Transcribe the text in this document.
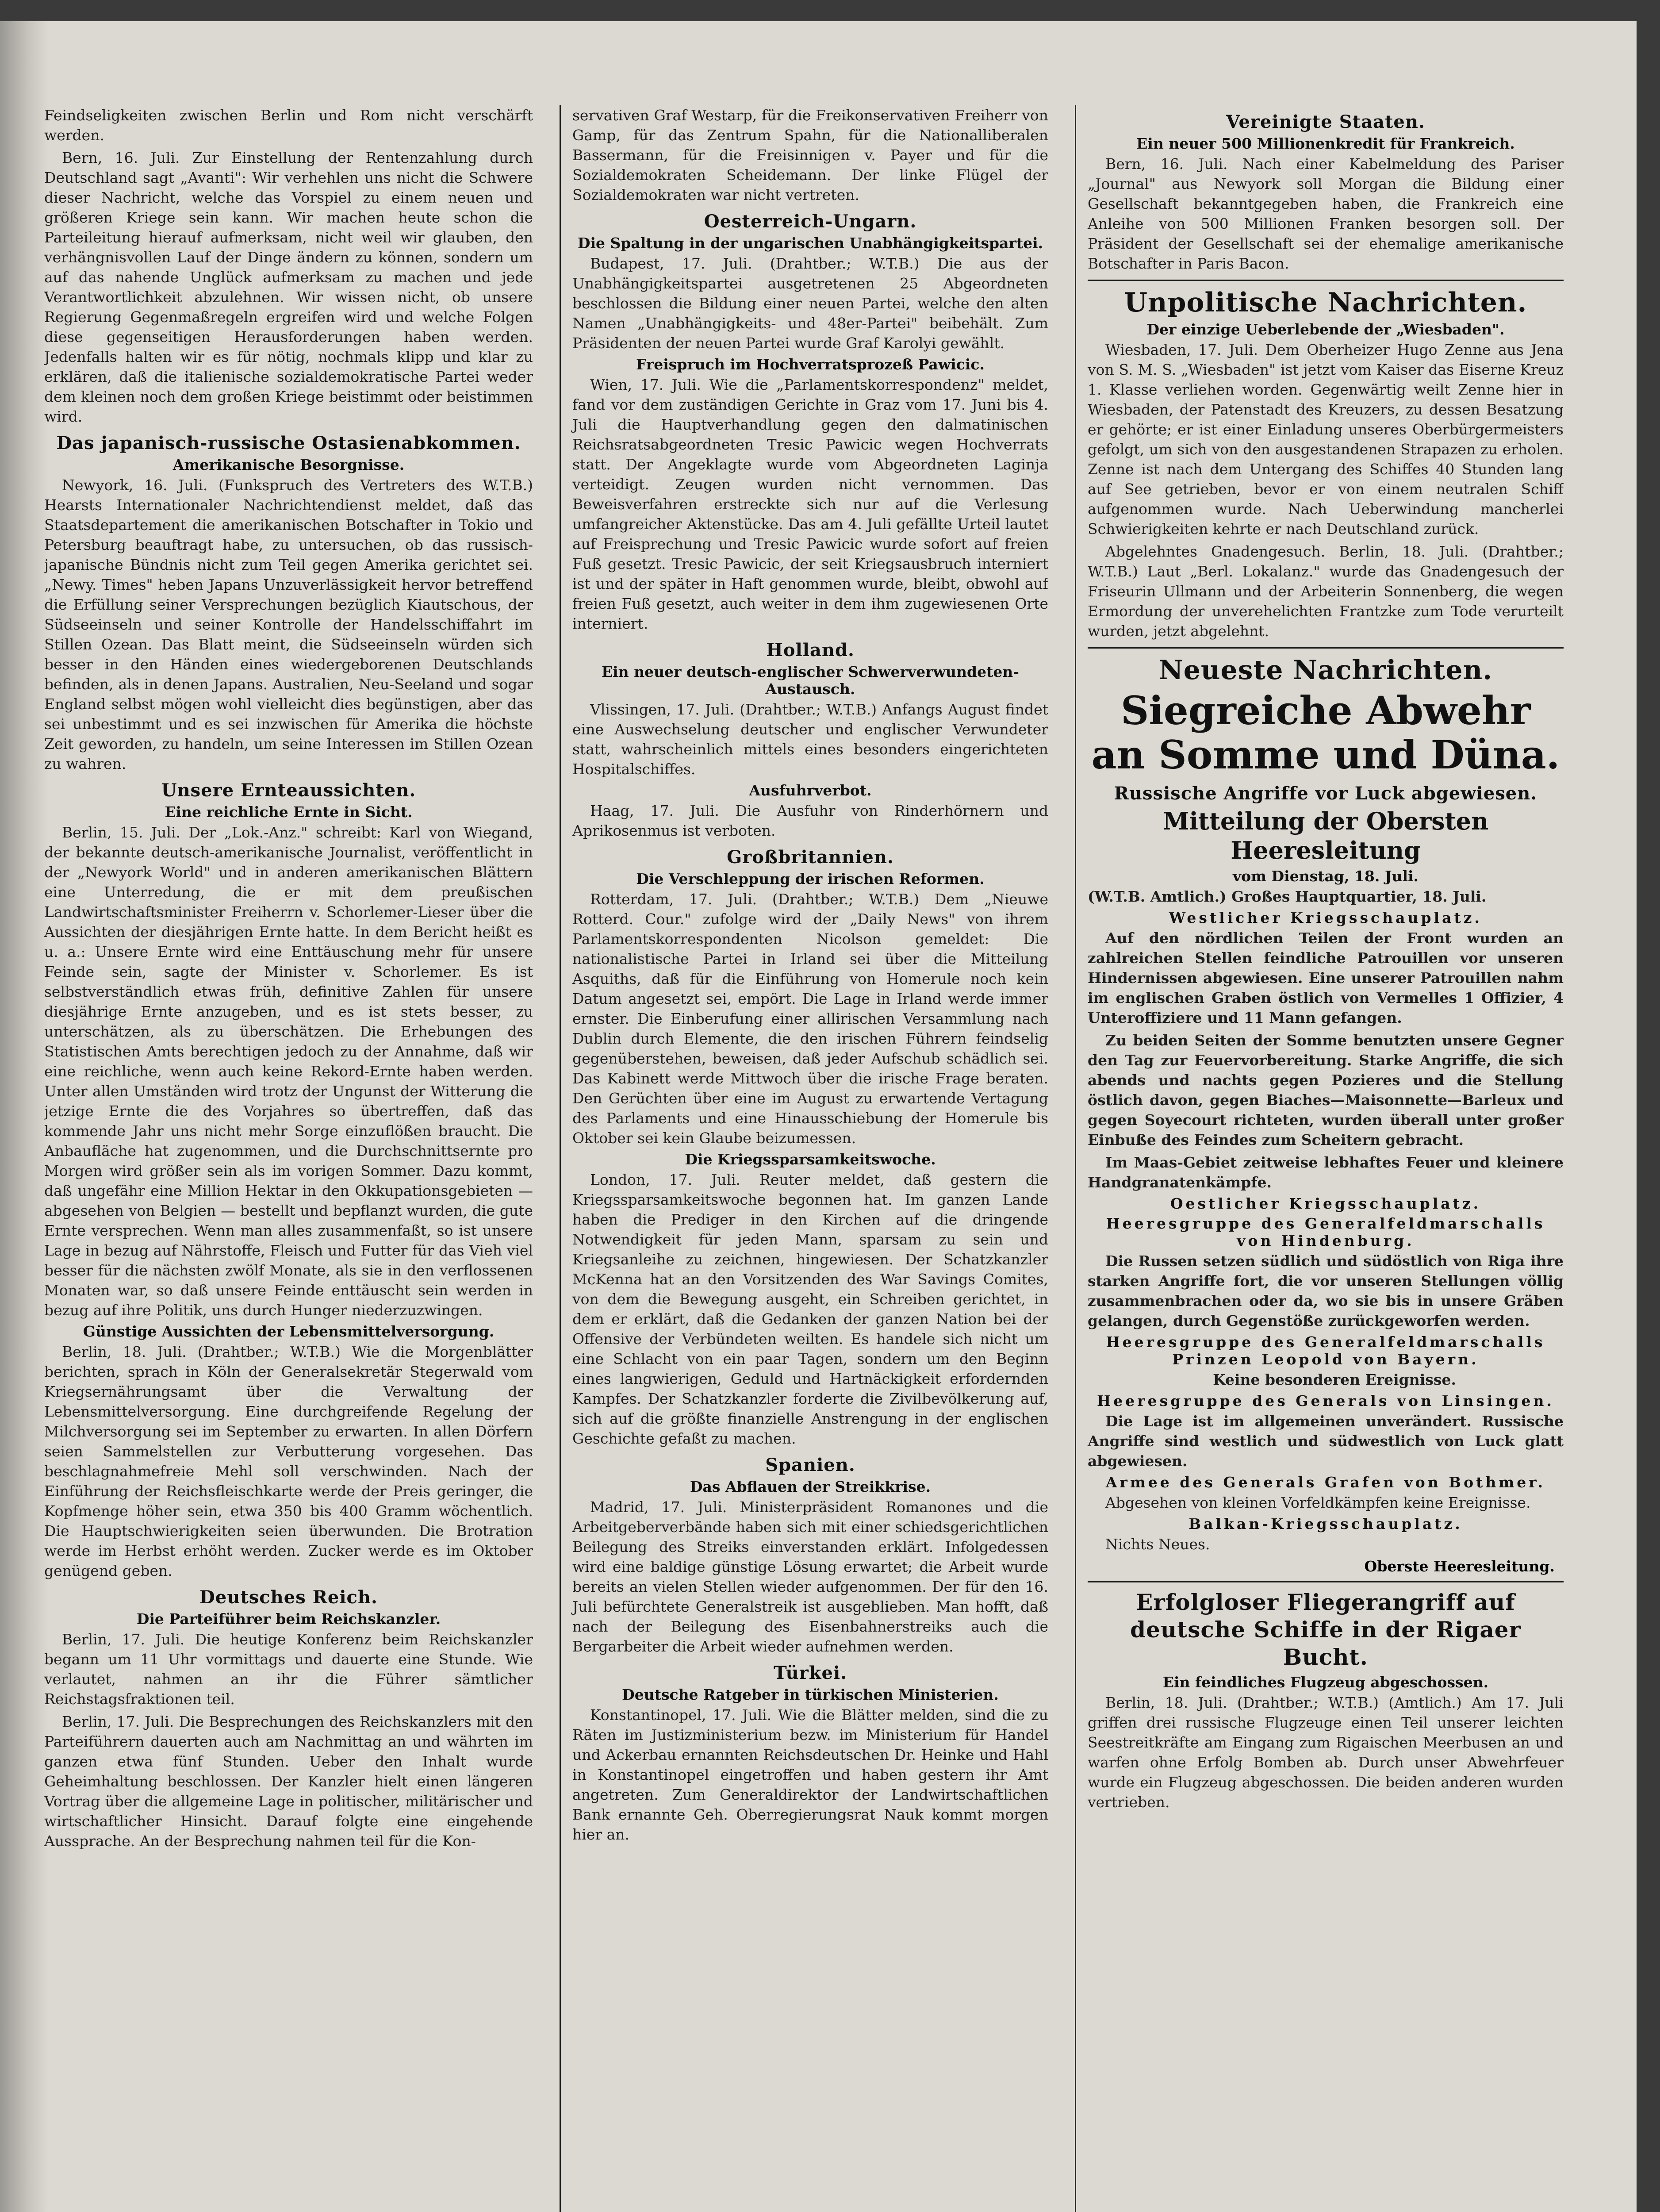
Feindseligkeiten zwischen Berlin und Rom nicht verschärft werden.

Bern, 16. Juli. Zur Einstellung der Rentenzahlung durch Deutschland sagt „Avanti": Wir verhehlen uns nicht die Schwere dieser Nachricht, welche das Vorspiel zu einem neuen und größeren Kriege sein kann. Wir machen heute schon die Parteileitung hierauf aufmerksam, nicht weil wir glauben, den verhängnisvollen Lauf der Dinge ändern zu können, sondern um auf das nahende Unglück aufmerksam zu machen und jede Verantwortlichkeit abzulehnen. Wir wissen nicht, ob unsere Regierung Gegenmaßregeln ergreifen wird und welche Folgen diese gegenseitigen Herausforderungen haben werden. Jedenfalls halten wir es für nötig, nochmals klipp und klar zu erklären, daß die italienische sozialdemokratische Partei weder dem kleinen noch dem großen Kriege beistimmt oder beistimmen wird.

Das japanisch-russische Ostasienabkommen.
Amerikanische Besorgnisse.

Newyork, 16. Juli. (Funkspruch des Vertreters des W.T.B.) Hearsts Internationaler Nachrichtendienst meldet, daß das Staatsdepartement die amerikanischen Botschafter in Tokio und Petersburg beauftragt habe, zu untersuchen, ob das russisch-japanische Bündnis nicht zum Teil gegen Amerika gerichtet sei. „Newy. Times" heben Japans Unzuverlässigkeit hervor betreffend die Erfüllung seiner Versprechungen bezüglich Kiautschous, der Südseeinseln und seiner Kontrolle der Handelsschiffahrt im Stillen Ozean. Das Blatt meint, die Südseeinseln würden sich besser in den Händen eines wiedergeborenen Deutschlands befinden, als in denen Japans. Australien, Neu-Seeland und sogar England selbst mögen wohl vielleicht dies begünstigen, aber das sei unbestimmt und es sei inzwischen für Amerika die höchste Zeit geworden, zu handeln, um seine Interessen im Stillen Ozean zu wahren.

Unsere Ernteaussichten.
Eine reichliche Ernte in Sicht.

Berlin, 15. Juli. Der „Lok.-Anz." schreibt: Karl von Wiegand, der bekannte deutsch-amerikanische Journalist, veröffentlicht in der „Newyork World" und in anderen amerikanischen Blättern eine Unterredung, die er mit dem preußischen Landwirtschaftsminister Freiherrn v. Schorlemer-Lieser über die Aussichten der diesjährigen Ernte hatte. In dem Bericht heißt es u. a.: Unsere Ernte wird eine Enttäuschung mehr für unsere Feinde sein, sagte der Minister v. Schorlemer. Es ist selbstverständlich etwas früh, definitive Zahlen für unsere diesjährige Ernte anzugeben, und es ist stets besser, zu unterschätzen, als zu überschätzen. Die Erhebungen des Statistischen Amts berechtigen jedoch zu der Annahme, daß wir eine reichliche, wenn auch keine Rekord-Ernte haben werden. Unter allen Umständen wird trotz der Ungunst der Witterung die jetzige Ernte die des Vorjahres so übertreffen, daß das kommende Jahr uns nicht mehr Sorge einzuflößen braucht. Die Anbaufläche hat zugenommen, und die Durchschnittsernte pro Morgen wird größer sein als im vorigen Sommer. Dazu kommt, daß ungefähr eine Million Hektar in den Okkupationsgebieten — abgesehen von Belgien — bestellt und bepflanzt wurden, die gute Ernte versprechen. Wenn man alles zusammenfaßt, so ist unsere Lage in bezug auf Nährstoffe, Fleisch und Futter für das Vieh viel besser für die nächsten zwölf Monate, als sie in den verflossenen Monaten war, so daß unsere Feinde enttäuscht sein werden in bezug auf ihre Politik, uns durch Hunger niederzuzwingen.

Günstige Aussichten der Lebensmittelversorgung.

Berlin, 18. Juli. (Drahtber.; W.T.B.) Wie die Morgenblätter berichten, sprach in Köln der Generalsekretär Stegerwald vom Kriegsernährungsamt über die Verwaltung der Lebensmittelversorgung. Eine durchgreifende Regelung der Milchversorgung sei im September zu erwarten. In allen Dörfern seien Sammelstellen zur Verbutterung vorgesehen. Das beschlagnahmefreie Mehl soll verschwinden. Nach der Einführung der Reichsfleischkarte werde der Preis geringer, die Kopfmenge höher sein, etwa 350 bis 400 Gramm wöchentlich. Die Hauptschwierigkeiten seien überwunden. Die Brotration werde im Herbst erhöht werden. Zucker werde es im Oktober genügend geben.

Deutsches Reich.
Die Parteiführer beim Reichskanzler.

Berlin, 17. Juli. Die heutige Konferenz beim Reichskanzler begann um 11 Uhr vormittags und dauerte eine Stunde. Wie verlautet, nahmen an ihr die Führer sämtlicher Reichstagsfraktionen teil.

Berlin, 17. Juli. Die Besprechungen des Reichskanzlers mit den Parteiführern dauerten auch am Nachmittag an und währten im ganzen etwa fünf Stunden. Ueber den Inhalt wurde Geheimhaltung beschlossen. Der Kanzler hielt einen längeren Vortrag über die allgemeine Lage in politischer, militärischer und wirtschaftlicher Hinsicht. Darauf folgte eine eingehende Aussprache. An der Besprechung nahmen teil für die Kon-

servativen Graf Westarp, für die Freikonservativen Freiherr von Gamp, für das Zentrum Spahn, für die Nationalliberalen Bassermann, für die Freisinnigen v. Payer und für die Sozialdemokraten Scheidemann. Der linke Flügel der Sozialdemokraten war nicht vertreten.

Oesterreich-Ungarn.
Die Spaltung in der ungarischen Unabhängigkeitspartei.

Budapest, 17. Juli. (Drahtber.; W.T.B.) Die aus der Unabhängigkeitspartei ausgetretenen 25 Abgeordneten beschlossen die Bildung einer neuen Partei, welche den alten Namen „Unabhängigkeits- und 48er-Partei" beibehält. Zum Präsidenten der neuen Partei wurde Graf Karolyi gewählt.

Freispruch im Hochverratsprozeß Pawicic.

Wien, 17. Juli. Wie die „Parlamentskorrespondenz" meldet, fand vor dem zuständigen Gerichte in Graz vom 17. Juni bis 4. Juli die Hauptverhandlung gegen den dalmatinischen Reichsratsabgeordneten Tresic Pawicic wegen Hochverrats statt. Der Angeklagte wurde vom Abgeordneten Laginja verteidigt. Zeugen wurden nicht vernommen. Das Beweisverfahren erstreckte sich nur auf die Verlesung umfangreicher Aktenstücke. Das am 4. Juli gefällte Urteil lautet auf Freisprechung und Tresic Pawicic wurde sofort auf freien Fuß gesetzt. Tresic Pawicic, der seit Kriegsausbruch interniert ist und der später in Haft genommen wurde, bleibt, obwohl auf freien Fuß gesetzt, auch weiter in dem ihm zugewiesenen Orte interniert.

Holland.
Ein neuer deutsch-englischer Schwerverwundeten-Austausch.

Vlissingen, 17. Juli. (Drahtber.; W.T.B.) Anfangs August findet eine Auswechselung deutscher und englischer Verwundeter statt, wahrscheinlich mittels eines besonders eingerichteten Hospitalschiffes.

Ausfuhrverbot.

Haag, 17. Juli. Die Ausfuhr von Rinderhörnern und Aprikosenmus ist verboten.

Großbritannien.
Die Verschleppung der irischen Reformen.

Rotterdam, 17. Juli. (Drahtber.; W.T.B.) Dem „Nieuwe Rotterd. Cour." zufolge wird der „Daily News" von ihrem Parlamentskorrespondenten Nicolson gemeldet: Die nationalistische Partei in Irland sei über die Mitteilung Asquiths, daß für die Einführung von Homerule noch kein Datum angesetzt sei, empört. Die Lage in Irland werde immer ernster. Die Einberufung einer allirischen Versammlung nach Dublin durch Elemente, die den irischen Führern feindselig gegenüberstehen, beweisen, daß jeder Aufschub schädlich sei. Das Kabinett werde Mittwoch über die irische Frage beraten. Den Gerüchten über eine im August zu erwartende Vertagung des Parlaments und eine Hinausschiebung der Homerule bis Oktober sei kein Glaube beizumessen.

Die Kriegssparsamkeitswoche.

London, 17. Juli. Reuter meldet, daß gestern die Kriegssparsamkeitswoche begonnen hat. Im ganzen Lande haben die Prediger in den Kirchen auf die dringende Notwendigkeit für jeden Mann, sparsam zu sein und Kriegsanleihe zu zeichnen, hingewiesen. Der Schatzkanzler McKenna hat an den Vorsitzenden des War Savings Comites, von dem die Bewegung ausgeht, ein Schreiben gerichtet, in dem er erklärt, daß die Gedanken der ganzen Nation bei der Offensive der Verbündeten weilten. Es handele sich nicht um eine Schlacht von ein paar Tagen, sondern um den Beginn eines langwierigen, Geduld und Hartnäckigkeit erfordernden Kampfes. Der Schatzkanzler forderte die Zivilbevölkerung auf, sich auf die größte finanzielle Anstrengung in der englischen Geschichte gefaßt zu machen.

Spanien.
Das Abflauen der Streikkrise.

Madrid, 17. Juli. Ministerpräsident Romanones und die Arbeitgeberverbände haben sich mit einer schiedsgerichtlichen Beilegung des Streiks einverstanden erklärt. Infolgedessen wird eine baldige günstige Lösung erwartet; die Arbeit wurde bereits an vielen Stellen wieder aufgenommen. Der für den 16. Juli befürchtete Generalstreik ist ausgeblieben. Man hofft, daß nach der Beilegung des Eisenbahnerstreiks auch die Bergarbeiter die Arbeit wieder aufnehmen werden.

Türkei.
Deutsche Ratgeber in türkischen Ministerien.

Konstantinopel, 17. Juli. Wie die Blätter melden, sind die zu Räten im Justizministerium bezw. im Ministerium für Handel und Ackerbau ernannten Reichsdeutschen Dr. Heinke und Hahl in Konstantinopel eingetroffen und haben gestern ihr Amt angetreten. Zum Generaldirektor der Landwirtschaftlichen Bank ernannte Geh. Oberregierungsrat Nauk kommt morgen hier an.

Vereinigte Staaten.
Ein neuer 500 Millionenkredit für Frankreich.

Bern, 16. Juli. Nach einer Kabelmeldung des Pariser „Journal" aus Newyork soll Morgan die Bildung einer Gesellschaft bekanntgegeben haben, die Frankreich eine Anleihe von 500 Millionen Franken besorgen soll. Der Präsident der Gesellschaft sei der ehemalige amerikanische Botschafter in Paris Bacon.

Unpolitische Nachrichten.
Der einzige Ueberlebende der „Wiesbaden".

Wiesbaden, 17. Juli. Dem Oberheizer Hugo Zenne aus Jena von S. M. S. „Wiesbaden" ist jetzt vom Kaiser das Eiserne Kreuz 1. Klasse verliehen worden. Gegenwärtig weilt Zenne hier in Wiesbaden, der Patenstadt des Kreuzers, zu dessen Besatzung er gehörte; er ist einer Einladung unseres Oberbürgermeisters gefolgt, um sich von den ausgestandenen Strapazen zu erholen. Zenne ist nach dem Untergang des Schiffes 40 Stunden lang auf See getrieben, bevor er von einem neutralen Schiff aufgenommen wurde. Nach Ueberwindung mancherlei Schwierigkeiten kehrte er nach Deutschland zurück.

Abgelehntes Gnadengesuch. Berlin, 18. Juli. (Drahtber.; W.T.B.) Laut „Berl. Lokalanz." wurde das Gnadengesuch der Friseurin Ullmann und der Arbeiterin Sonnenberg, die wegen Ermordung der unverehelichten Frantzke zum Tode verurteilt wurden, jetzt abgelehnt.

Neueste Nachrichten.
Siegreiche Abwehr an Somme und Düna.
Russische Angriffe vor Luck abgewiesen.
Mitteilung der Obersten Heeresleitung
vom Dienstag, 18. Juli.

(W.T.B. Amtlich.) Großes Hauptquartier, 18. Juli.

Westlicher Kriegsschauplatz.

Auf den nördlichen Teilen der Front wurden an zahlreichen Stellen feindliche Patrouillen vor unseren Hindernissen abgewiesen. Eine unserer Patrouillen nahm im englischen Graben östlich von Vermelles 1 Offizier, 4 Unteroffiziere und 11 Mann gefangen.

Zu beiden Seiten der Somme benutzten unsere Gegner den Tag zur Feuervorbereitung. Starke Angriffe, die sich abends und nachts gegen Pozieres und die Stellung östlich davon, gegen Biaches—Maisonnette—Barleux und gegen Soyecourt richteten, wurden überall unter großer Einbuße des Feindes zum Scheitern gebracht.

Im Maas-Gebiet zeitweise lebhaftes Feuer und kleinere Handgranatenkämpfe.

Oestlicher Kriegsschauplatz.
Heeresgruppe des Generalfeldmarschalls von Hindenburg.

Die Russen setzen südlich und südöstlich von Riga ihre starken Angriffe fort, die vor unseren Stellungen völlig zusammenbrachen oder da, wo sie bis in unsere Gräben gelangen, durch Gegenstöße zurückgeworfen werden.

Heeresgruppe des Generalfeldmarschalls Prinzen Leopold von Bayern.

Keine besonderen Ereignisse.

Heeresgruppe des Generals von Linsingen.

Die Lage ist im allgemeinen unverändert. Russische Angriffe sind westlich und südwestlich von Luck glatt abgewiesen.

Armee des Generals Grafen von Bothmer.

Abgesehen von kleinen Vorfeldkämpfen keine Ereignisse.

Balkan-Kriegsschauplatz.

Nichts Neues.

Oberste Heeresleitung.
Erfolgloser Fliegerangriff auf deutsche Schiffe in der Rigaer Bucht.
Ein feindliches Flugzeug abgeschossen.

Berlin, 18. Juli. (Drahtber.; W.T.B.) (Amtlich.) Am 17. Juli griffen drei russische Flugzeuge einen Teil unserer leichten Seestreitkräfte am Eingang zum Rigaischen Meerbusen an und warfen ohne Erfolg Bomben ab. Durch unser Abwehrfeuer wurde ein Flugzeug abgeschossen. Die beiden anderen wurden vertrieben.
